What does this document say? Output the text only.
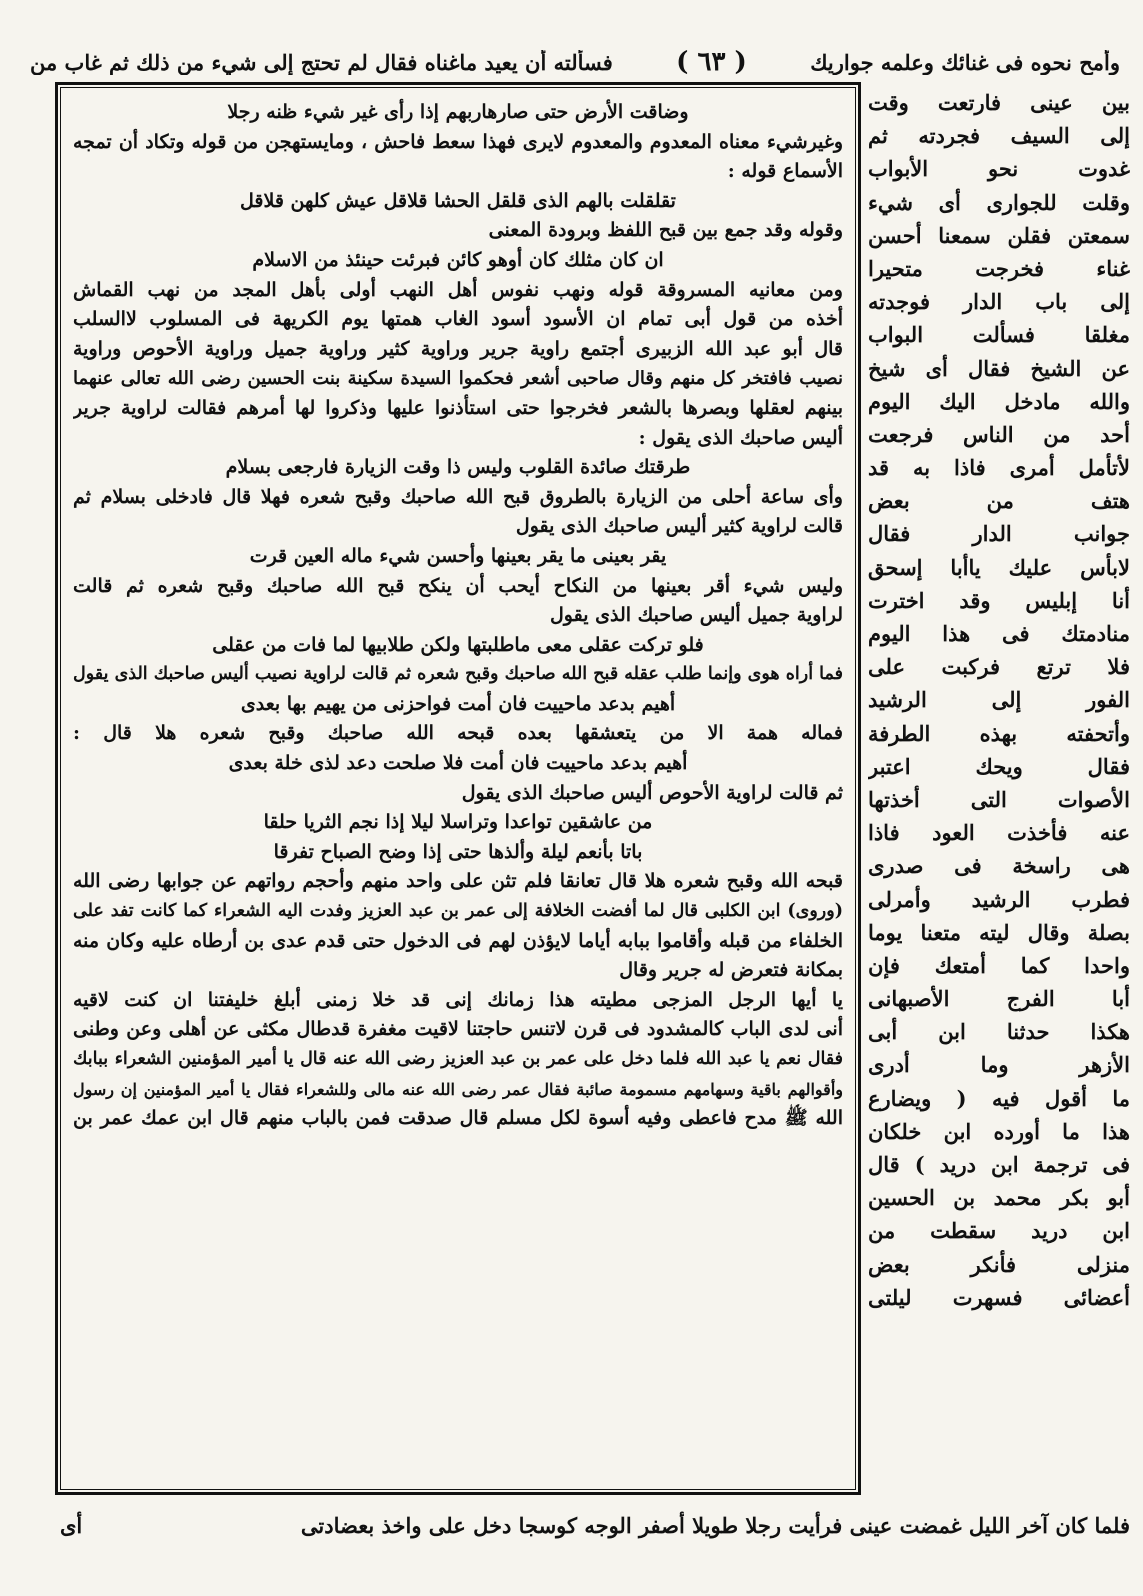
وأمح نحوه فى غنائك وعلمه جواريك
( ٦٣ )
فسألته أن يعيد ماغناه فقال لم تحتج إلى شيء من ذلك ثم غاب من
وضاقت الأرض حتى صارهاربهم إذا رأى غير شيء ظنه رجلا
وغيرشيء معناه المعدوم والمعدوم لايرى فهذا سعط فاحش ، ومايستهجن من قوله وتكاد أن تمجه
الأسماع قوله :
تقلقلت بالهم الذى قلقل الحشا قلاقل عيش كلهن قلاقل
وقوله وقد جمع بين قبح اللفظ وبرودة المعنى
ان كان مثلك كان أوهو كائن فبرئت حينئذ من الاسلام
ومن معانيه المسروقة قوله ونهب نفوس أهل النهب أولى بأهل المجد من نهب القماش
أخذه من قول أبى تمام ان الأسود أسود الغاب همتها يوم الكريهة فى المسلوب لاالسلب
قال أبو عبد الله الزبيرى أجتمع راوية جرير وراوية كثير وراوية جميل وراوية الأحوص وراوية
نصيب فافتخر كل منهم وقال صاحبى أشعر فحكموا السيدة سكينة بنت الحسين رضى الله تعالى عنهما
بينهم لعقلها وبصرها بالشعر فخرجوا حتى استأذنوا عليها وذكروا لها أمرهم فقالت لراوية جرير
أليس صاحبك الذى يقول :
طرقتك صائدة القلوب وليس ذا وقت الزيارة فارجعى بسلام
وأى ساعة أحلى من الزيارة بالطروق قبح الله صاحبك وقبح شعره فهلا قال فادخلى بسلام ثم
قالت لراوية كثير أليس صاحبك الذى يقول
يقر بعينى ما يقر بعينها وأحسن شيء ماله العين قرت
وليس شيء أقر بعينها من النكاح أيحب أن ينكح قبح الله صاحبك وقبح شعره ثم قالت
لراوية جميل أليس صاحبك الذى يقول
فلو تركت عقلى معى ماطلبتها ولكن طلابيها لما فات من عقلى
فما أراه هوى وإنما طلب عقله قبح الله صاحبك وقبح شعره ثم قالت لراوية نصيب أليس صاحبك الذى يقول
أهيم بدعد ماحييت فان أمت فواحزنى من يهيم بها بعدى
فماله همة الا من يتعشقها بعده قبحه الله صاحبك وقبح شعره هلا قال :
أهيم بدعد ماحييت فان أمت فلا صلحت دعد لذى خلة بعدى
ثم قالت لراوية الأحوص أليس صاحبك الذى يقول
من عاشقين تواعدا وتراسلا ليلا إذا نجم الثريا حلقا
باتا بأنعم ليلة وألذها حتى إذا وضح الصباح تفرقا
قبحه الله وقبح شعره هلا قال تعانقا فلم تثن على واحد منهم وأحجم رواتهم عن جوابها رضى الله
(وروى) ابن الكلبى قال لما أفضت الخلافة إلى عمر بن عبد العزيز وفدت اليه الشعراء كما كانت تفد على
الخلفاء من قبله وأقاموا ببابه أياما لايؤذن لهم فى الدخول حتى قدم عدى بن أرطاه عليه وكان منه
بمكانة فتعرض له جرير وقال
يا أيها الرجل المزجى مطيته هذا زمانك إنى قد خلا زمنى أبلغ خليفتنا ان كنت لاقيه
أنى لدى الباب كالمشدود فى قرن لاتنس حاجتنا لاقيت مغفرة قدطال مكثى عن أهلى وعن وطنى
فقال نعم يا عبد الله فلما دخل على عمر بن عبد العزيز رضى الله عنه قال يا أمير المؤمنين الشعراء ببابك
وأقوالهم باقية وسهامهم مسمومة صائبة فقال عمر رضى الله عنه مالى وللشعراء فقال يا أمير المؤمنين إن رسول
الله ﷺ مدح فاعطى وفيه أسوة لكل مسلم قال صدقت فمن بالباب منهم قال ابن عمك عمر بن
بين عينى فارتعت وقت
إلى السيف فجردته ثم
غدوت نحو الأبواب
وقلت للجوارى أى شيء
سمعتن فقلن سمعنا أحسن
غناء فخرجت متحيرا
إلى باب الدار فوجدته
مغلقا فسألت البواب
عن الشيخ فقال أى شيخ
والله مادخل اليك اليوم
أحد من الناس فرجعت
لأتأمل أمرى فاذا به قد
هتف من بعض
جوانب الدار فقال
لابأس عليك ياأبا إسحق
أنا إبليس وقد اخترت
منادمتك فى هذا اليوم
فلا ترتع فركبت على
الفور إلى الرشيد
وأتحفته بهذه الطرفة
فقال ويحك اعتبر
الأصوات التى أخذتها
عنه فأخذت العود فاذا
هى راسخة فى صدرى
فطرب الرشيد وأمرلى
بصلة وقال ليته متعنا يوما
واحدا كما أمتعك فإن
أبا الفرج الأصبهانى
هكذا حدثنا ابن أبى
الأزهر وما أدرى
ما أقول فيه ( ويضارع
هذا ما أورده ابن خلكان
فى ترجمة ابن دريد ) قال
أبو بكر محمد بن الحسين
ابن دريد سقطت من
منزلى فأنكر بعض
أعضائى فسهرت ليلتى
فلما كان آخر الليل غمضت عينى فرأيت رجلا طويلا أصفر الوجه كوسجا دخل على واخذ بعضادتى
أى
